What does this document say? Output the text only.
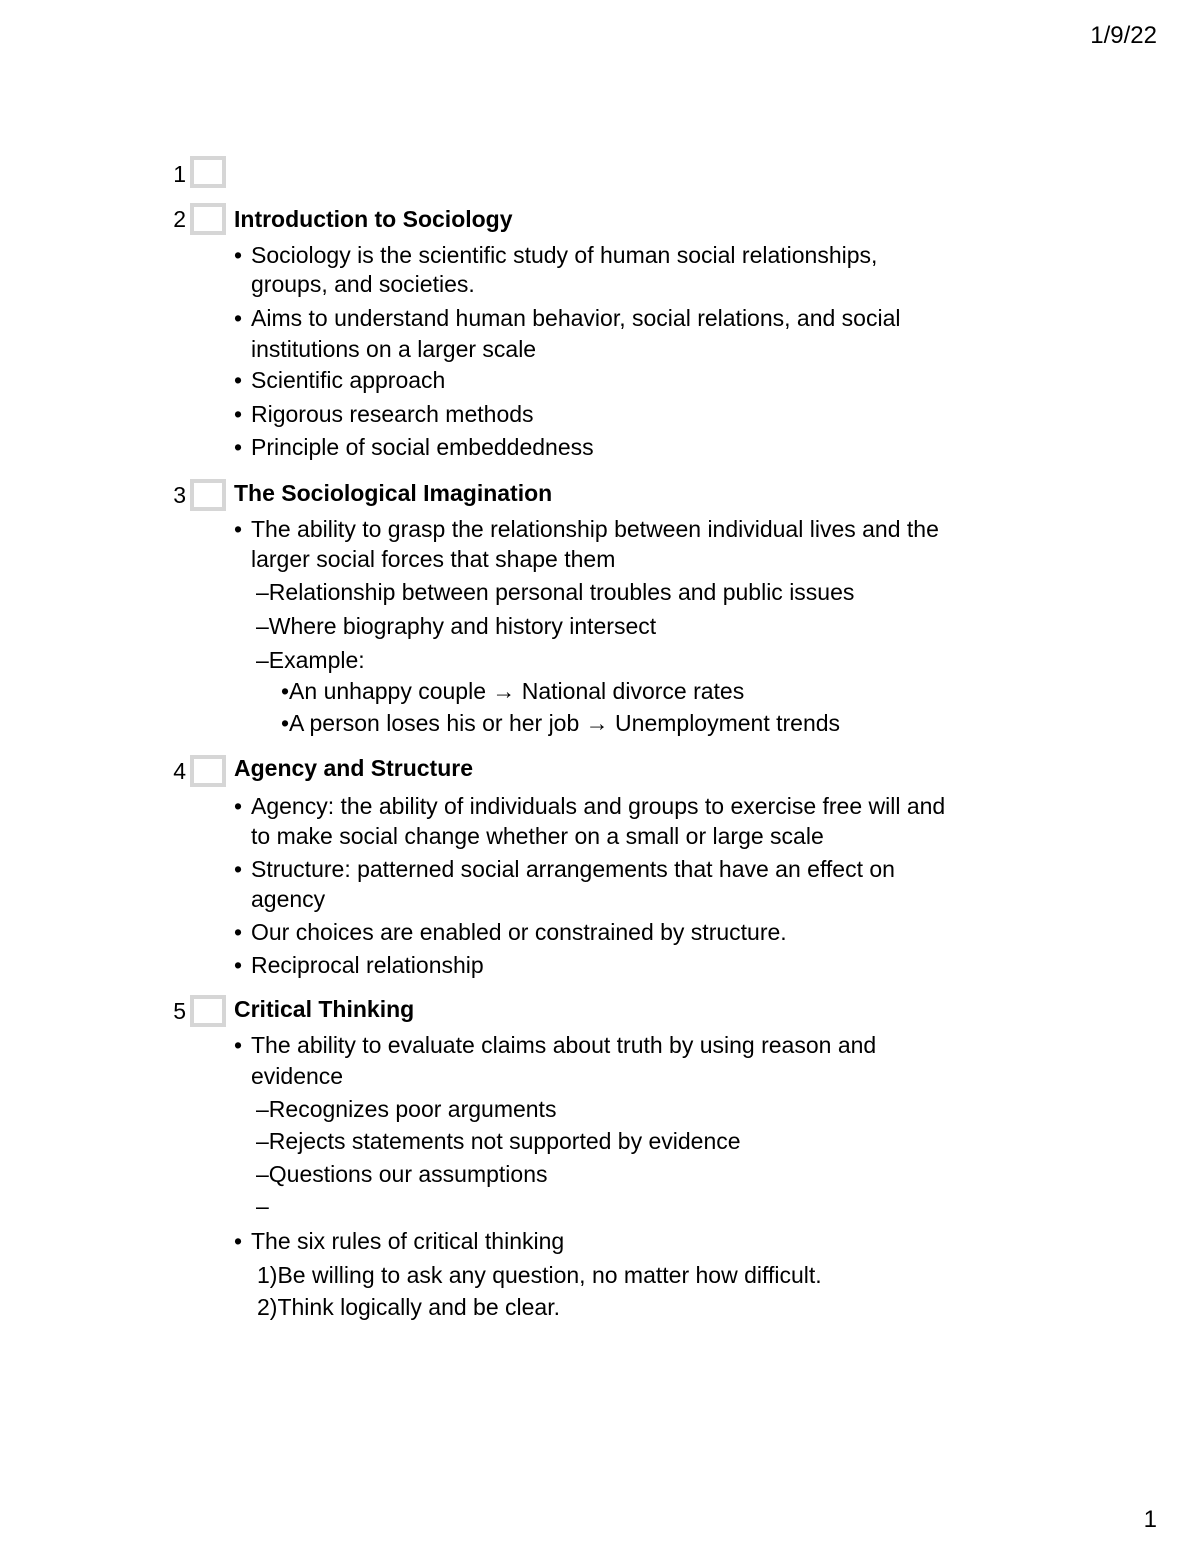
1/9/22
1
2 Introduction to Sociology
• Sociology is the scientific study of human social relationships,
groups, and societies.
• Aims to understand human behavior, social relations, and social
institutions on a larger scale
• Scientific approach
• Rigorous research methods
• Principle of social embeddedness
3 The Sociological Imagination
• The ability to grasp the relationship between individual lives and the
larger social forces that shape them
–Relationship between personal troubles and public issues
–Where biography and history intersect
–Example:
•An unhappy couple → National divorce rates
•A person loses his or her job → Unemployment trends
4 Agency and Structure
• Agency: the ability of individuals and groups to exercise free will and
to make social change whether on a small or large scale
• Structure: patterned social arrangements that have an effect on
agency
• Our choices are enabled or constrained by structure.
• Reciprocal relationship
5 Critical Thinking
• The ability to evaluate claims about truth by using reason and
evidence
–Recognizes poor arguments
–Rejects statements not supported by evidence
–Questions our assumptions
–
• The six rules of critical thinking
1)Be willing to ask any question, no matter how difficult.
2)Think logically and be clear.
1
